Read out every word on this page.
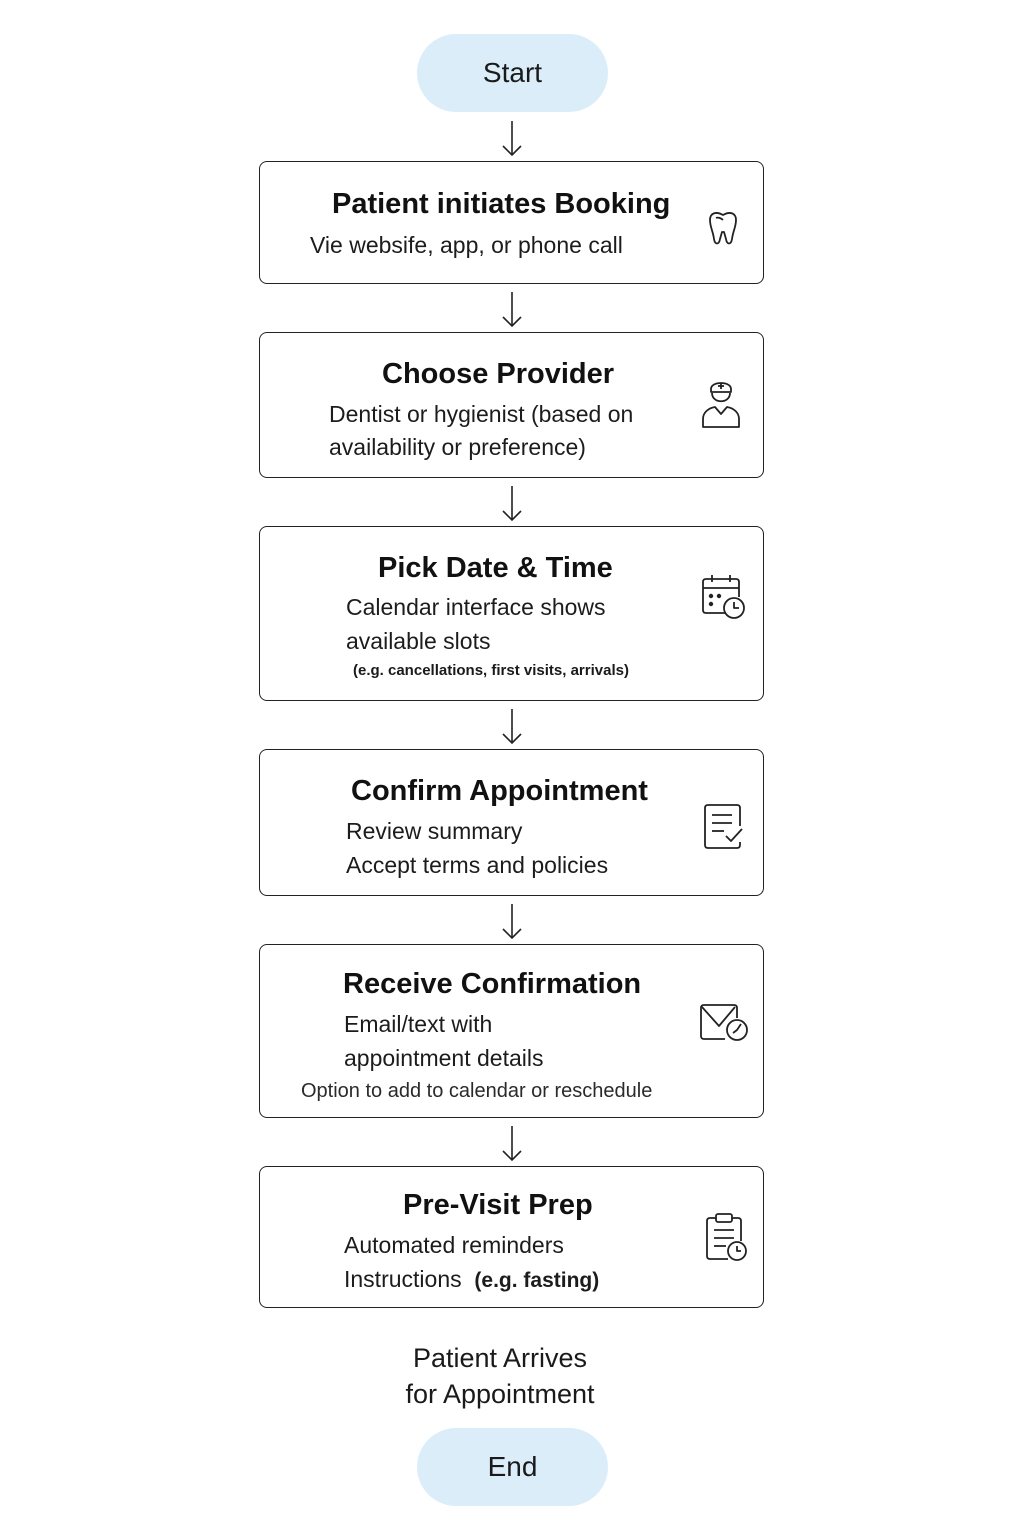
Start
Patient initiates Booking
Vie websife, app, or phone call
Choose Provider
Dentist or hygienist (based on
availability or preference)
Pick Date & Time
Calendar interface shows
available slots
(e.g. cancellations, first visits, arrivals)
Confirm Appointment
Review summary
Accept terms and policies
Receive Confirmation
Email/text with
appointment details
Option to add to calendar or reschedule
Pre-Visit Prep
Automated reminders
Instructions (e.g. fasting)
Patient Arrives
for Appointment
End
